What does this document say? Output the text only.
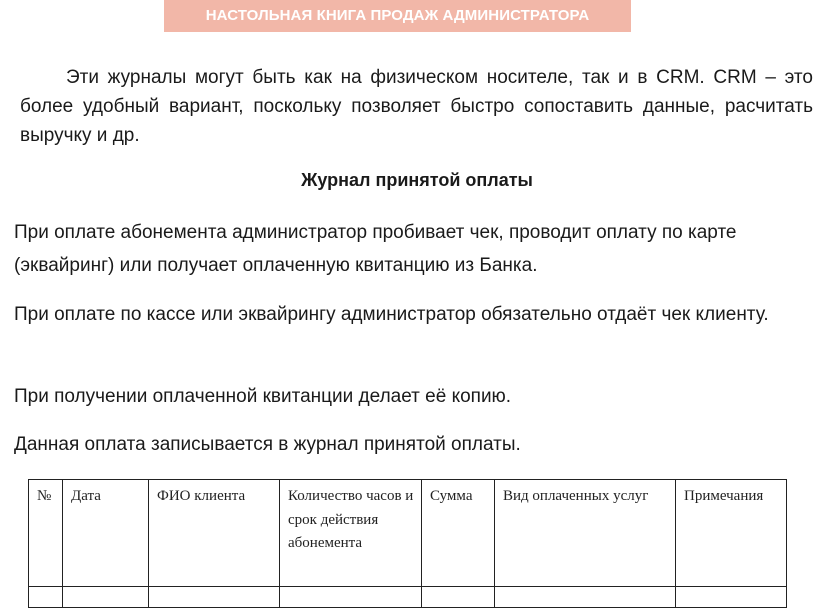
НАСТОЛЬНАЯ КНИГА ПРОДАЖ АДМИНИСТРАТОРА

Эти журналы могут быть как на физическом носителе, так и в CRM. CRM – это более удобный вариант, поскольку позволяет быстро сопоставить данные, расчитать выручку и др.

Журнал принятой оплаты

При оплате абонемента администратор пробивает чек, проводит оплату по карте (эквайринг) или получает оплаченную квитанцию из Банка.

При оплате по кассе или эквайрингу администратор обязательно отдаёт чек клиенту.

При получении оплаченной квитанции делает её копию.

Данная оплата записывается в журнал принятой оплаты.

№	Дата	ФИО клиента	Количество часов и срок действия абонемента	Сумма	Вид оплаченных услуг	Примечания
